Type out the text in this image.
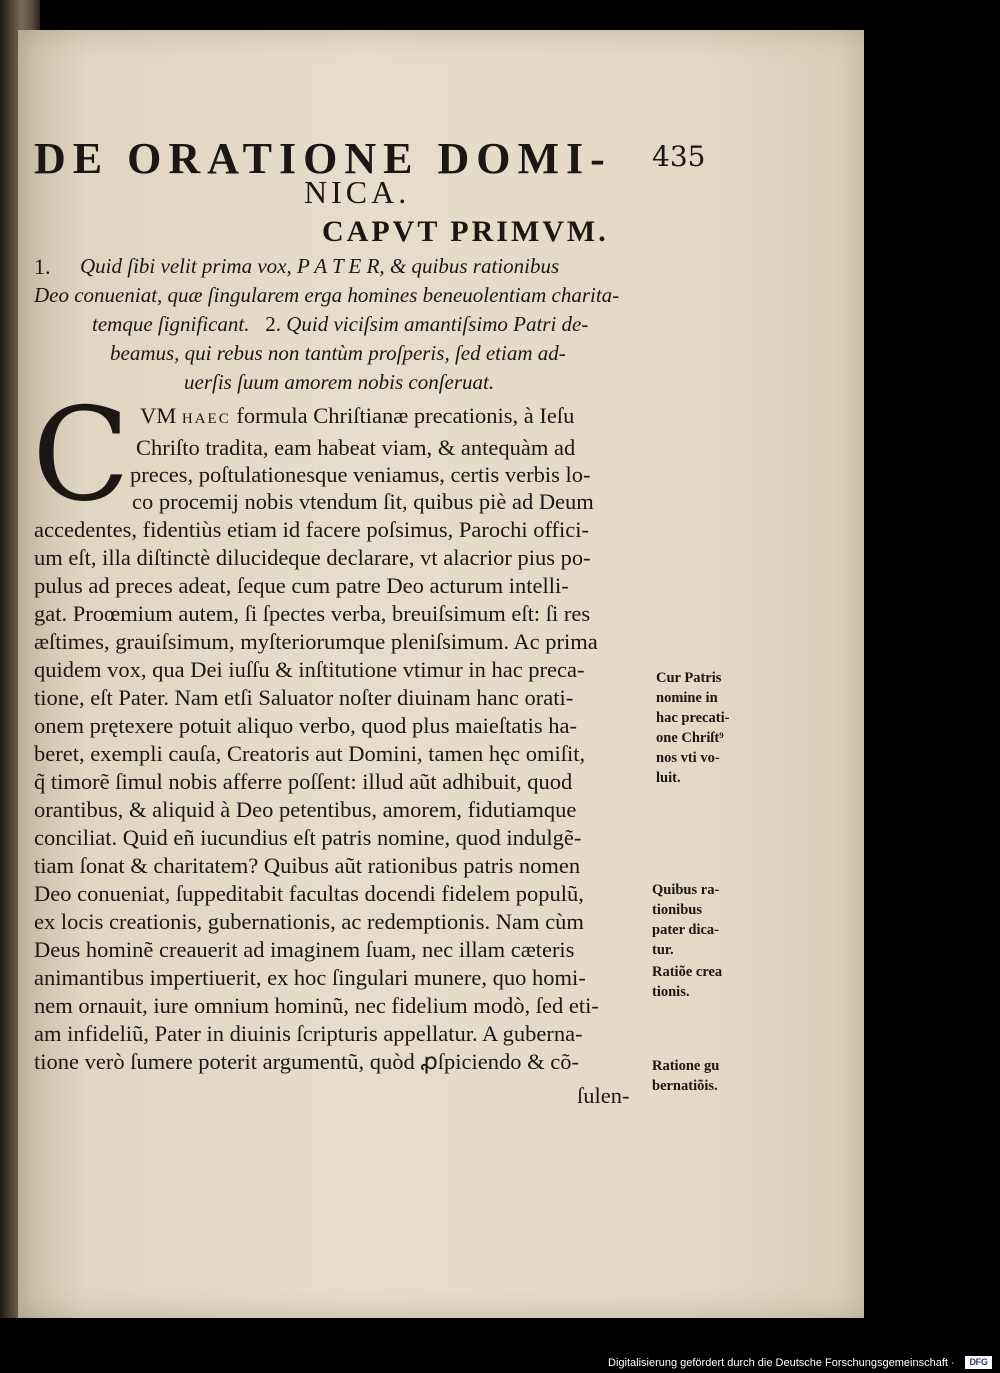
DE ORATIONE DOMI- 435
NICA.
CAPVT PRIMVM.
1. Quid ſibi velit prima vox, P A T E R, & quibus rationibus

Deo conueniat, quæ ſingularem erga homines beneuolentiam charita-

temque ſignificant. 2. Quid viciſsim amantiſsimo Patri de-

beamus, qui rebus non tantùm proſperis, ſed etiam ad-

uerſis ſuum amorem nobis conſeruat.

C VM HAEC formula Chriſtianæ precationis, à Ieſu

Chriſto tradita, eam habeat viam, & antequàm ad

preces, poſtulationesque veniamus, certis verbis lo-

co procemij nobis vtendum ſit, quibus piè ad Deum

accedentes, fidentiùs etiam id facere poſsimus, Parochi offici-

um eſt, illa diſtinctè dilucideque declarare, vt alacrior pius po-

pulus ad preces adeat, ſeque cum patre Deo acturum intelli-

gat. Proœmium autem, ſi ſpectes verba, breuiſsimum eſt: ſi res

æſtimes, grauiſsimum, myſteriorumque pleniſsimum. Ac prima

quidem vox, qua Dei iuſſu & inſtitutione vtimur in hac preca-

tione, eſt Pater. Nam etſi Saluator noſter diuinam hanc orati-

onem prętexere potuit aliquo verbo, quod plus maieſtatis ha-

beret, exempli cauſa, Creatoris aut Domini, tamen hęc omiſit,

q̃ timorẽ ſimul nobis afferre poſſent: illud aũt adhibuit, quod

orantibus, & aliquid à Deo petentibus, amorem, fidutiamque

conciliat. Quid eñ iucundius eſt patris nomine, quod indulgẽ-

tiam ſonat & charitatem? Quibus aũt rationibus patris nomen

Deo conueniat, ſuppeditabit facultas docendi fidelem populũ,

ex locis creationis, gubernationis, ac redemptionis. Nam cùm

Deus hominẽ creauerit ad imaginem ſuam, nec illam cæteris

animantibus impertiuerit, ex hoc ſingulari munere, quo homi-

nem ornauit, iure omnium hominũ, nec fidelium modò, ſed eti-

am infideliũ, Pater in diuinis ſcripturis appellatur. A guberna-

tione verò ſumere poterit argumentũ, quòd ꝓſpiciendo & cõ-

ſulen-

Cur Patris
nomine in
hac precati-
one Chriſt⁹
nos vti vo-
luit.
Quibus ra-
tionibus
pater dica-
tur.
Ratiõe crea
tionis.
Ratione gu
bernatiõis.
Digitalisierung gefördert durch die Deutsche Forschungsgemeinschaft ·	DFG
